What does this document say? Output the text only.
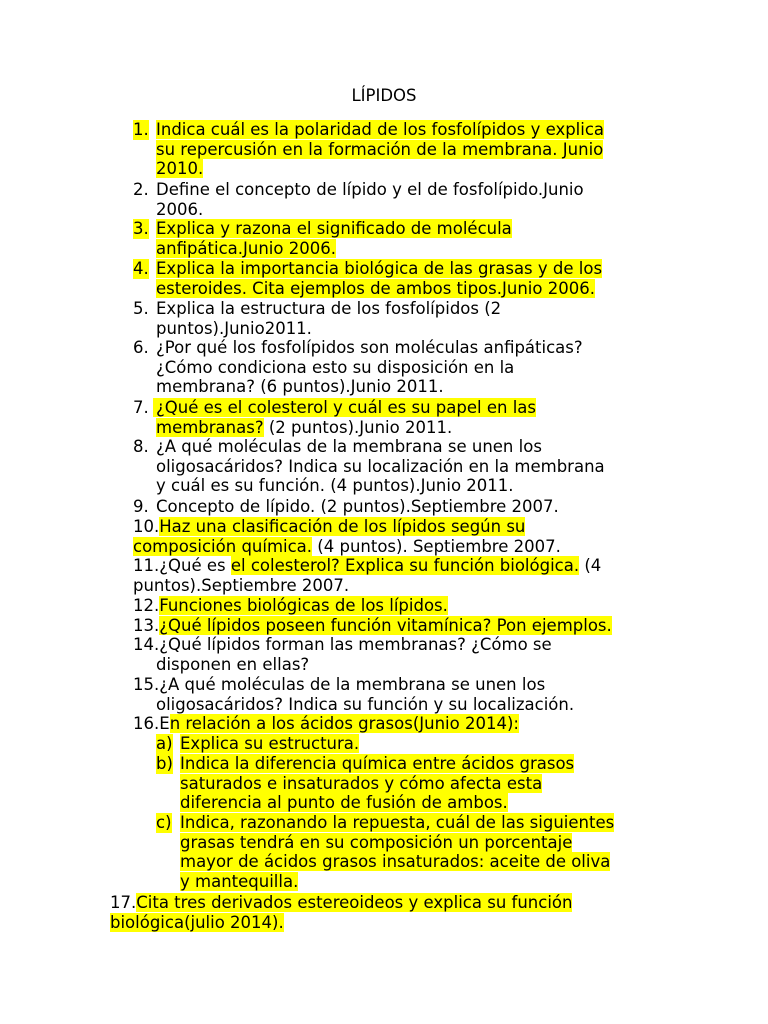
LÍPIDOS
1. Indica cuál es la polaridad de los fosfolípidos y explica
su repercusión en la formación de la membrana. Junio
2010.
2. Define el concepto de lípido y el de fosfolípido.Junio
2006.
3. Explica y razona el significado de molécula
anfipática.Junio 2006.
4. Explica la importancia biológica de las grasas y de los
esteroides. Cita ejemplos de ambos tipos.Junio 2006.
5. Explica la estructura de los fosfolípidos (2
puntos).Junio2011.
6. ¿Por qué los fosfolípidos son moléculas anfipáticas?
¿Cómo condiciona esto su disposición en la
membrana? (6 puntos).Junio 2011.
7. ¿Qué es el colesterol y cuál es su papel en las
membranas? (2 puntos).Junio 2011.
8. ¿A qué moléculas de la membrana se unen los
oligosacáridos? Indica su localización en la membrana
y cuál es su función. (4 puntos).Junio 2011.
9. Concepto de lípido. (2 puntos).Septiembre 2007.
10.Haz una clasificación de los lípidos según su
composición química. (4 puntos). Septiembre 2007.
11.¿Qué es el colesterol? Explica su función biológica. (4
puntos).Septiembre 2007.
12.Funciones biológicas de los lípidos.
13.¿Qué lípidos poseen función vitamínica? Pon ejemplos.
14.¿Qué lípidos forman las membranas? ¿Cómo se
disponen en ellas?
15.¿A qué moléculas de la membrana se unen los
oligosacáridos? Indica su función y su localización.
16.En relación a los ácidos grasos(Junio 2014):
a) Explica su estructura.
b) Indica la diferencia química entre ácidos grasos
saturados e insaturados y cómo afecta esta
diferencia al punto de fusión de ambos.
c) Indica, razonando la repuesta, cuál de las siguientes
grasas tendrá en su composición un porcentaje
mayor de ácidos grasos insaturados: aceite de oliva
y mantequilla.
17.Cita tres derivados estereoideos y explica su función
biológica(julio 2014).
